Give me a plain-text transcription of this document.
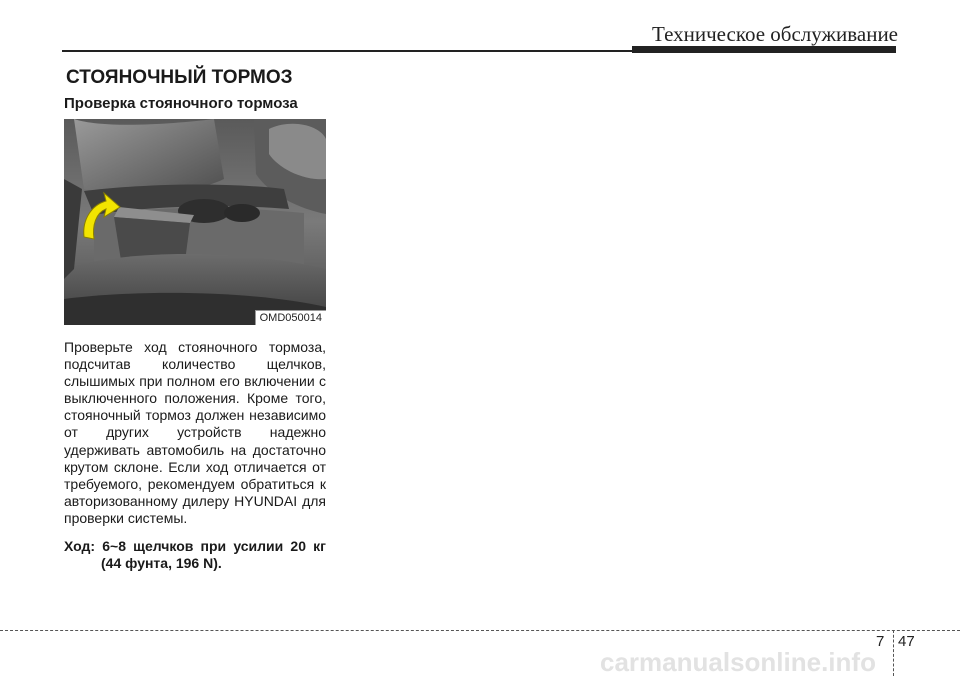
Техническое обслуживание
СТОЯНОЧНЫЙ ТОРМОЗ
Проверка стояночного тормоза
OMD050014
Проверьте ход стояночного тормоза, подсчитав количество щелчков, слышимых при полном его включении с выключенного положения. Кроме того, стояночный тормоз должен независимо от других устройств надежно удерживать автомобиль на достаточно крутом склоне. Если ход отличается от требуемого, рекомендуем обратиться к авторизованному дилеру HYUNDAI для проверки системы.
Ход: 6~8 щелчков при усилии 20 кг
(44 фунта, 196 N).
7 47
carmanualsonline.info
